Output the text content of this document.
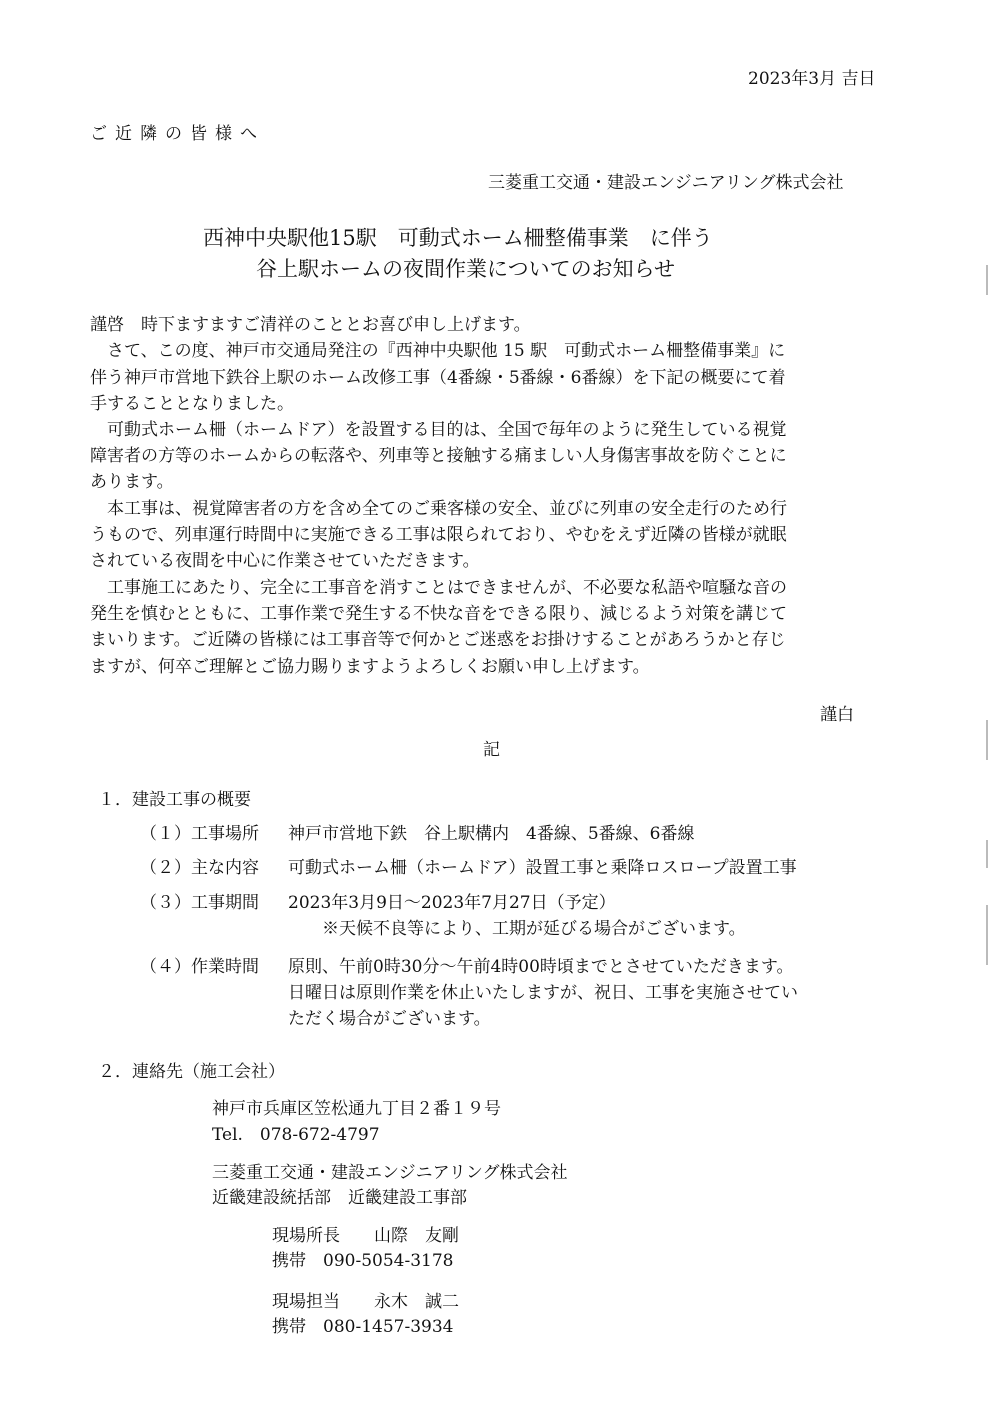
2023年3月 吉日
ご近隣の皆様へ
三菱重工交通・建設エンジニアリング株式会社
西神中央駅他15駅　可動式ホーム柵整備事業　に伴う
谷上駅ホームの夜間作業についてのお知らせ
謹啓　時下ますますご清祥のこととお喜び申し上げます。
　さて、この度、神戸市交通局発注の『西神中央駅他 15 駅　可動式ホーム柵整備事業』に
伴う神戸市営地下鉄谷上駅のホーム改修工事（4番線・5番線・6番線）を下記の概要にて着
手することとなりました。
　可動式ホーム柵（ホームドア）を設置する目的は、全国で毎年のように発生している視覚
障害者の方等のホームからの転落や、列車等と接触する痛ましい人身傷害事故を防ぐことに
あります。
　本工事は、視覚障害者の方を含め全てのご乗客様の安全、並びに列車の安全走行のため行
うもので、列車運行時間中に実施できる工事は限られており、やむをえず近隣の皆様が就眠
されている夜間を中心に作業させていただきます。
　工事施工にあたり、完全に工事音を消すことはできませんが、不必要な私語や喧騒な音の
発生を慎むとともに、工事作業で発生する不快な音をできる限り、減じるよう対策を講じて
まいります。ご近隣の皆様には工事音等で何かとご迷惑をお掛けすることがあろうかと存じ
ますが、何卒ご理解とご協力賜りますようよろしくお願い申し上げます。
謹白
記
１．建設工事の概要
（１）工事場所 神戸市営地下鉄　谷上駅構内　4番線、5番線、6番線
（２）主な内容 可動式ホーム柵（ホームドア）設置工事と乗降ロスロープ設置工事
（３）工事期間 2023年3月9日～2023年7月27日（予定）
　　※天候不良等により、工期が延びる場合がございます。
（４）作業時間 原則、午前0時30分～午前4時00時頃までとさせていただきます。
日曜日は原則作業を休止いたしますが、祝日、工事を実施させてい
ただく場合がございます。
２．連絡先（施工会社）
神戸市兵庫区笠松通九丁目２番１９号
Tel.　078-672-4797
三菱重工交通・建設エンジニアリング株式会社
近畿建設統括部　近畿建設工事部
現場所長　　山際　友剛
携帯　090-5054-3178
現場担当　　永木　誠二
携帯　080-1457-3934
